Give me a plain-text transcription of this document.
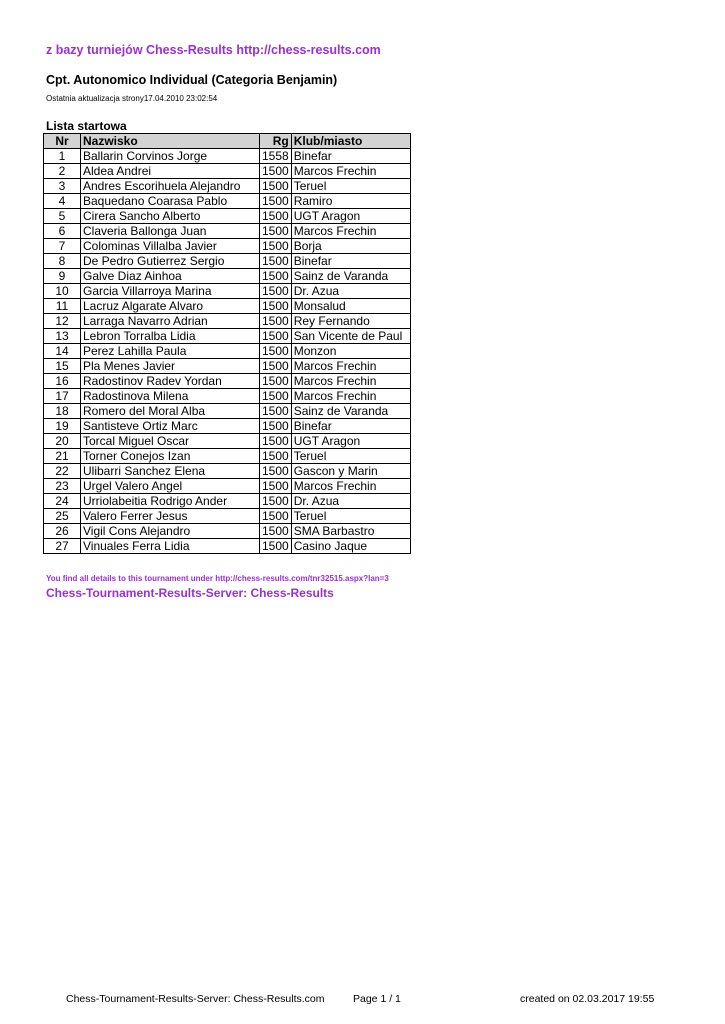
z bazy turniejów Chess-Results http://chess-results.com
Cpt. Autonomico Individual (Categoria Benjamin)
Ostatnia aktualizacja strony17.04.2010 23:02:54
Lista startowa
Nr	Nazwisko	Rg	Klub/miasto
1	Ballarin Corvinos Jorge	1558	Binefar
2	Aldea Andrei	1500	Marcos Frechin
3	Andres Escorihuela Alejandro	1500	Teruel
4	Baquedano Coarasa Pablo	1500	Ramiro
5	Cirera Sancho Alberto	1500	UGT Aragon
6	Claveria Ballonga Juan	1500	Marcos Frechin
7	Colominas Villalba Javier	1500	Borja
8	De Pedro Gutierrez Sergio	1500	Binefar
9	Galve Diaz Ainhoa	1500	Sainz de Varanda
10	Garcia Villarroya Marina	1500	Dr. Azua
11	Lacruz Algarate Alvaro	1500	Monsalud
12	Larraga Navarro Adrian	1500	Rey Fernando
13	Lebron Torralba Lidia	1500	San Vicente de Paul
14	Perez Lahilla Paula	1500	Monzon
15	Pla Menes Javier	1500	Marcos Frechin
16	Radostinov Radev Yordan	1500	Marcos Frechin
17	Radostinova Milena	1500	Marcos Frechin
18	Romero del Moral Alba	1500	Sainz de Varanda
19	Santisteve Ortiz Marc	1500	Binefar
20	Torcal Miguel Oscar	1500	UGT Aragon
21	Torner Conejos Izan	1500	Teruel
22	Ulibarri Sanchez Elena	1500	Gascon y Marin
23	Urgel Valero Angel	1500	Marcos Frechin
24	Urriolabeitia Rodrigo Ander	1500	Dr. Azua
25	Valero Ferrer Jesus	1500	Teruel
26	Vigil Cons Alejandro	1500	SMA Barbastro
27	Vinuales Ferra Lidia	1500	Casino Jaque
You find all details to this tournament under http://chess-results.com/tnr32515.aspx?lan=3
Chess-Tournament-Results-Server: Chess-Results
Chess-Tournament-Results-Server: Chess-Results.com	Page 1 / 1	created on 02.03.2017 19:55
